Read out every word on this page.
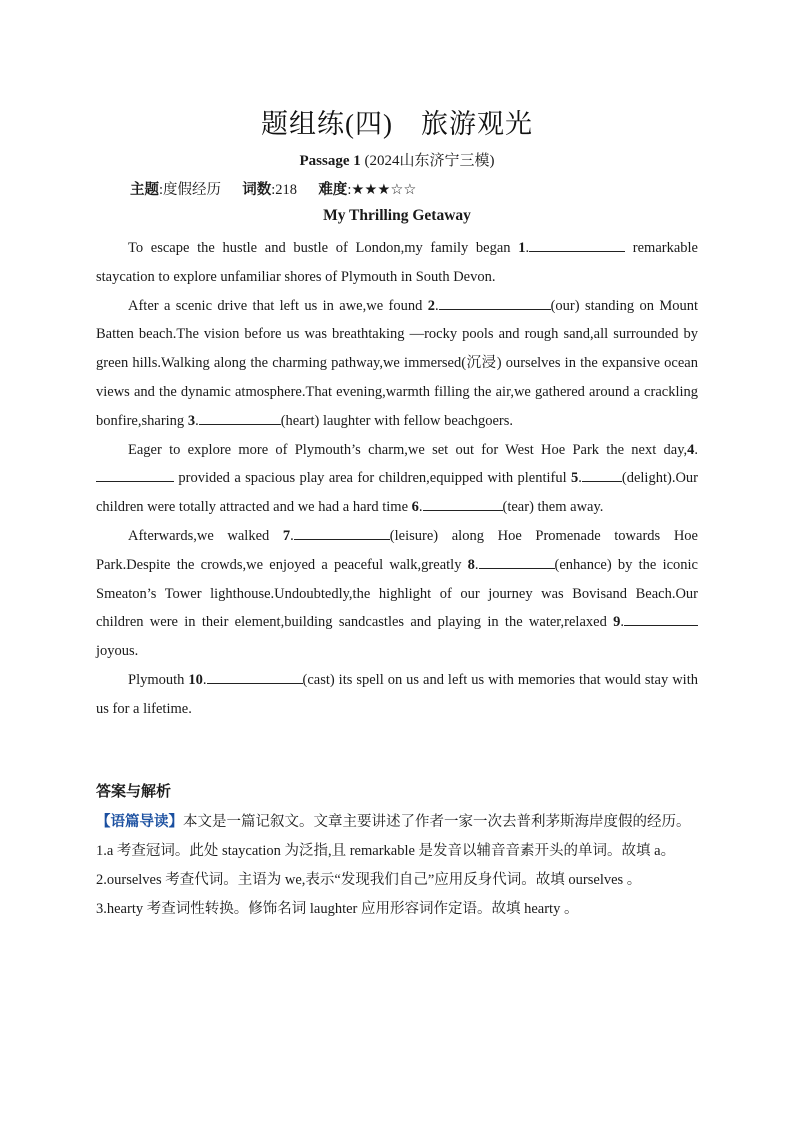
题组练(四)　旅游观光
Passage 1 (2024山东济宁三模)
主题:度假经历 词数:218 难度:★★★☆☆
My Thrilling Getaway

To escape the hustle and bustle of London,my family began 1.	remarkable staycation to explore unfamiliar shores of Plymouth in South Devon.

After a scenic drive that left us in awe,we found 2.	(our) standing on Mount Batten beach.The vision before us was breathtaking —rocky pools and rough sand,all surrounded by green hills.Walking along the charming pathway,we immersed(沉浸) ourselves in the expansive ocean views and the dynamic atmosphere.That evening,warmth filling the air,we gathered around a crackling bonfire,sharing 3.	(heart) laughter with fellow beachgoers.

Eager to explore more of Plymouth’s charm,we set out for West Hoe Park the next day,4. provided a spacious play area for children,equipped with plentiful 5.	(delight).Our children were totally attracted and we had a hard time 6.	(tear) them away.

Afterwards,we walked 7.	(leisure) along Hoe Promenade towards Hoe Park.Despite the crowds,we enjoyed a peaceful walk,greatly 8.	(enhance) by the iconic Smeaton’s Tower lighthouse.Undoubtedly,the highlight of our journey was Bovisand Beach.Our children were in their element,building sandcastles and playing in the water,relaxed 9. joyous.

Plymouth 10.	(cast) its spell on us and left us with memories that would stay with us for a lifetime.

答案与解析

【语篇导读】本文是一篇记叙文。文章主要讲述了作者一家一次去普利茅斯海岸度假的经历。

1.a 考查冠词。此处 staycation 为泛指,且 remarkable 是发音以辅音音素开头的单词。故填 a。

2.ourselves 考查代词。主语为 we,表示“发现我们自己”应用反身代词。故填 ourselves 。

3.hearty 考查词性转换。修饰名词 laughter 应用形容词作定语。故填 hearty 。
